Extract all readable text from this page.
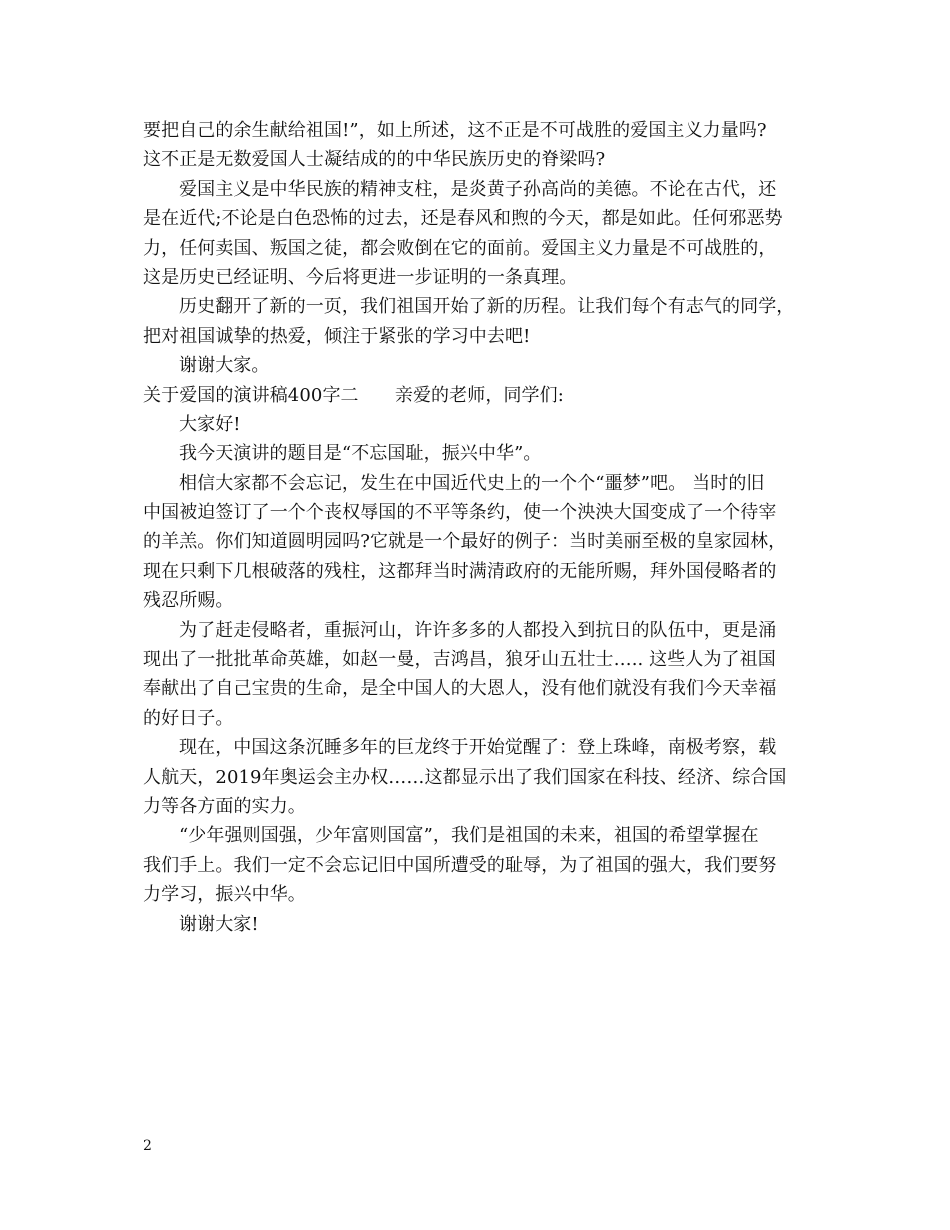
要把自己的余生献给祖国!”，如上所述，这不正是不可战胜的爱国主义力量吗?
这不正是无数爱国人士凝结成的的中华民族历史的脊梁吗?
爱国主义是中华民族的精神支柱，是炎黄子孙高尚的美德。不论在古代，还
是在近代;不论是白色恐怖的过去，还是春风和煦的今天，都是如此。任何邪恶势
力，任何卖国、叛国之徒，都会败倒在它的面前。爱国主义力量是不可战胜的，
这是历史已经证明、今后将更进一步证明的一条真理。
历史翻开了新的一页，我们祖国开始了新的历程。让我们每个有志气的同学，
把对祖国诚挚的热爱，倾注于紧张的学习中去吧!
谢谢大家。
关于爱国的演讲稿400字二　　亲爱的老师，同学们:
大家好!
我今天演讲的题目是“不忘国耻，振兴中华”。
相信大家都不会忘记，发生在中国近代史上的一个个“噩梦”吧。 当时的旧
中国被迫签订了一个个丧权辱国的不平等条约，使一个泱泱大国变成了一个待宰
的羊羔。你们知道圆明园吗?它就是一个最好的例子：当时美丽至极的皇家园林，
现在只剩下几根破落的残柱，这都拜当时满清政府的无能所赐，拜外国侵略者的
残忍所赐。
为了赶走侵略者，重振河山，许许多多的人都投入到抗日的队伍中，更是涌
现出了一批批革命英雄，如赵一曼，吉鸿昌，狼牙山五壮士….. 这些人为了祖国
奉献出了自己宝贵的生命，是全中国人的大恩人，没有他们就没有我们今天幸福
的好日子。
现在，中国这条沉睡多年的巨龙终于开始觉醒了：登上珠峰，南极考察，载
人航天，2019年奥运会主办权……这都显示出了我们国家在科技、经济、综合国
力等各方面的实力。
“少年强则国强，少年富则国富”，我们是祖国的未来，祖国的希望掌握在
我们手上。我们一定不会忘记旧中国所遭受的耻辱，为了祖国的强大，我们要努
力学习，振兴中华。
谢谢大家!
2
